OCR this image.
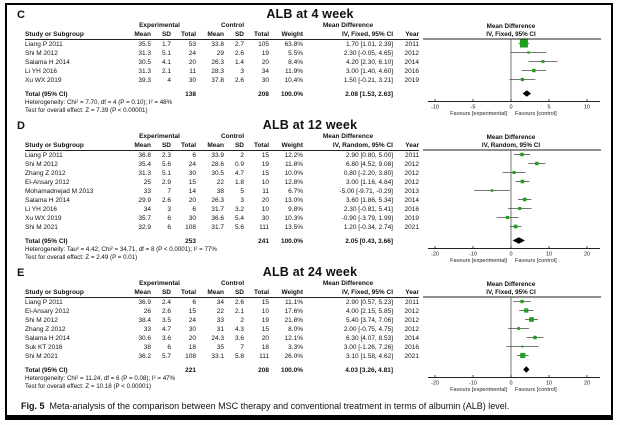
C	ALB at 4 week
	Experimental			Control				Mean Difference	
Study or Subgroup	Mean	SD	Total	Mean	SD	Total	Weight	IV, Fixed, 95% CI	Year
Liang P 2011	35.5	1.7	53	33.8	2.7	105	63.8%	1.70 [1.01, 2.39]	2011
Shi M 2012	31.3	5.1	24	29	2.6	19	5.5%	2.30 [-0.05, 4.65]	2012
Salama H 2014	30.5	4.1	20	26.3	1.4	20	8.4%	4.20 [2.30, 6.10]	2014
Li YH 2016	31.3	2.1	11	28.3	3	34	11.9%	3.00 [1.40, 4.60]	2016
Xu WX 2019	39.3	4	30	37.8	2.6	30	10.4%	1.50 [-0.21, 3.21]	2019

Total (95% CI)			138			208	100.0%	2.08 [1.53, 2.63]	
Heterogeneity: Chi² = 7.70, df = 4 (P = 0.10); I² = 48%									
Test for overall effect: Z = 7.39 (P < 0.00001)									
Mean Difference
IV, Fixed, 95% CI
-10	-5	0	5	10
Favours [experimental] Favours [control]
D	ALB at 12 week
	Experimental			Control				Mean Difference	
Study or Subgroup	Mean	SD	Total	Mean	SD	Total	Weight	IV, Random, 95% CI	Year
Liang P 2011	36.8	2.3	6	33.9	2	15	12.2%	2.90 [0.80, 5.00]	2011
Shi M 2012	35.4	5.6	24	28.6	0.9	19	11.8%	6.80 [4.52, 9.08]	2012
Zhang Z 2012	31.3	5.1	30	30.5	4.7	15	10.0%	0.80 [-2.20, 3.80]	2012
El-Ansary 2012	25	2.9	15	22	1.8	10	12.8%	3.00 [1.16, 4.84]	2012
Mohamadnejad M 2013	33	7	14	38	5	11	6.7%	-5.00 [-9.71, -0.29]	2013
Salama H 2014	29.9	2.6	20	26.3	3	20	13.0%	3.60 [1.86, 5.34]	2014
Li YH 2016	34	3	6	31.7	3.2	10	9.8%	2.30 [-0.81, 5.41]	2016
Xu WX 2019	35.7	6	30	36.6	5.4	30	10.3%	-0.90 [-3.79, 1.99]	2019
Shi M 2021	32.9	6	108	31.7	5.6	111	13.5%	1.20 [-0.34, 2.74]	2021

Total (95% CI)			253			241	100.0%	2.05 [0.43, 3.66]	
Heterogeneity: Tau² = 4.42; Chi² = 34.71, df = 8 (P < 0.0001); I² = 77%									
Test for overall effect: Z = 2.49 (P = 0.01)									
Mean Difference
IV, Random, 95% CI
-20	-10	0	10	20
Favours [experimental] Favours [control]
E	ALB at 24 week
	Experimental			Control				Mean Difference	
Study or Subgroup	Mean	SD	Total	Mean	SD	Total	Weight	IV, Fixed, 95% CI	Year
Liang P 2011	36.9	2.4	6	34	2.6	15	11.1%	2.90 [0.57, 5.23]	2011
El-Ansary 2012	26	2.6	15	22	2.1	10	17.6%	4.00 [2.15, 5.85]	2012
Shi M 2012	38.4	3.5	24	33	2	19	21.8%	5.40 [3.74, 7.06]	2012
Zhang Z 2012	33	4.7	30	31	4.3	15	8.0%	2.00 [-0.75, 4.75]	2012
Salama H 2014	30.6	3.6	20	24.3	3.6	20	12.1%	6.30 [4.07, 8.53]	2014
Suk KT 2016	38	6	18	35	7	18	3.3%	3.00 [-1.26, 7.26]	2016
Shi M 2021	36.2	5.7	108	33.1	5.8	111	26.0%	3.10 [1.58, 4.62]	2021

Total (95% CI)			221			208	100.0%	4.03 [3.26, 4.81]	
Heterogeneity: Chi² = 11.24, df = 6 (P = 0.08); I² = 47%									
Test for overall effect: Z = 10.18 (P < 0.00001)									
Mean Difference
IV, Fixed, 95% CI
-20	-10	0	10	20
Favours [experimental] Favours [control]
Fig. 5 Meta-analysis of the comparison between MSC therapy and conventional treatment in terms of albumin (ALB) level.
